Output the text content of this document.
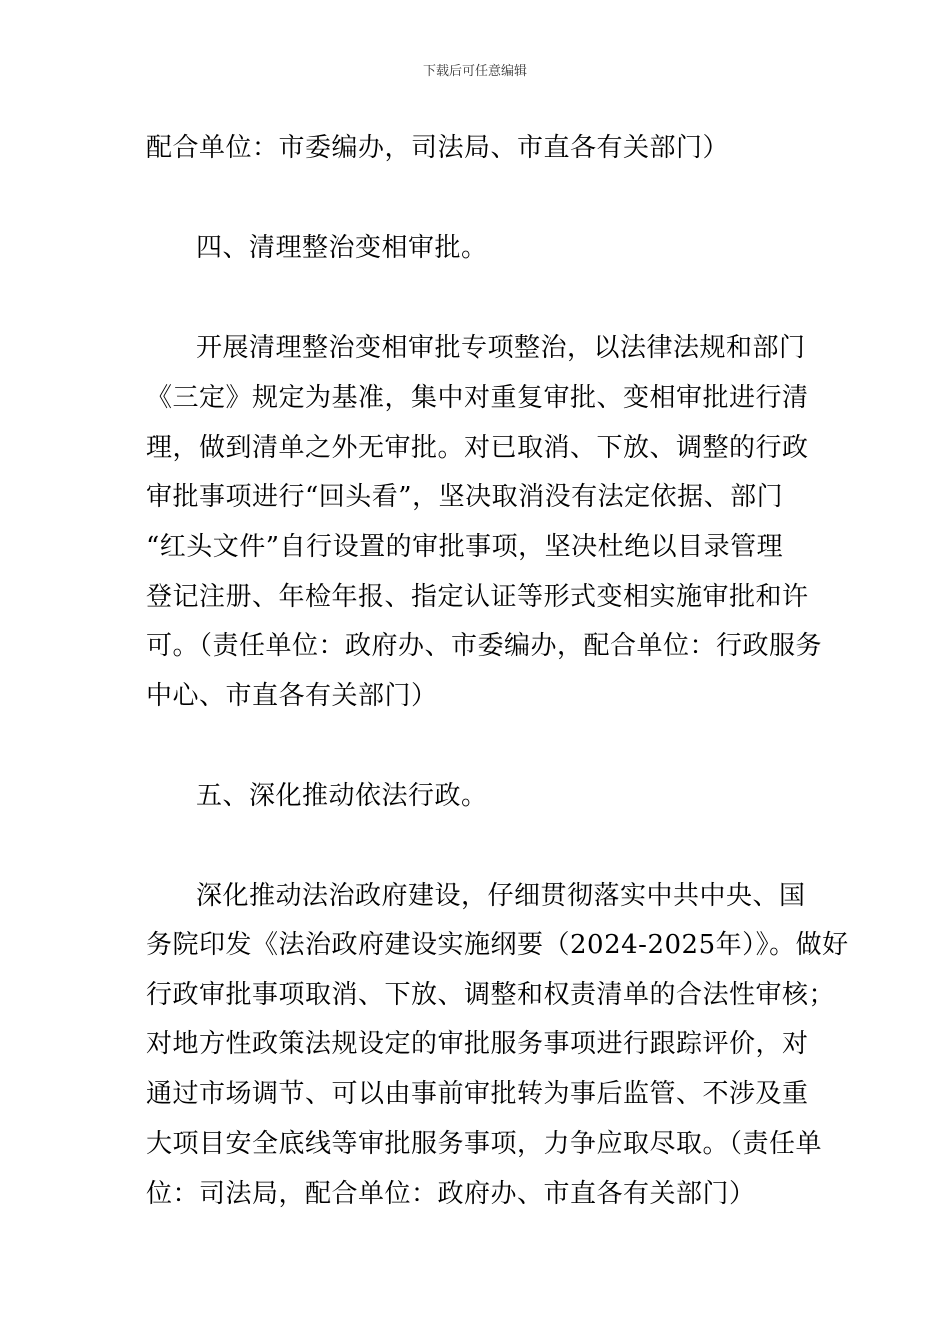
下载后可任意编辑
配合单位：市委编办，司法局、市直各有关部门）
四、清理整治变相审批。
开展清理整治变相审批专项整治，以法律法规和部门
《三定》规定为基准，集中对重复审批、变相审批进行清
理，做到清单之外无审批。对已取消、下放、调整的行政
审批事项进行“回头看”，坚决取消没有法定依据、部门
“红头文件”自行设置的审批事项，坚决杜绝以目录管理
登记注册、年检年报、指定认证等形式变相实施审批和许
可。（责任单位：政府办、市委编办，配合单位：行政服务
中心、市直各有关部门）
五、深化推动依法行政。
深化推动法治政府建设，仔细贯彻落实中共中央、国
务院印发《法治政府建设实施纲要（2024-2025年）》。做好
行政审批事项取消、下放、调整和权责清单的合法性审核；
对地方性政策法规设定的审批服务事项进行跟踪评价，对
通过市场调节、可以由事前审批转为事后监管、不涉及重
大项目安全底线等审批服务事项，力争应取尽取。（责任单
位：司法局，配合单位：政府办、市直各有关部门）
